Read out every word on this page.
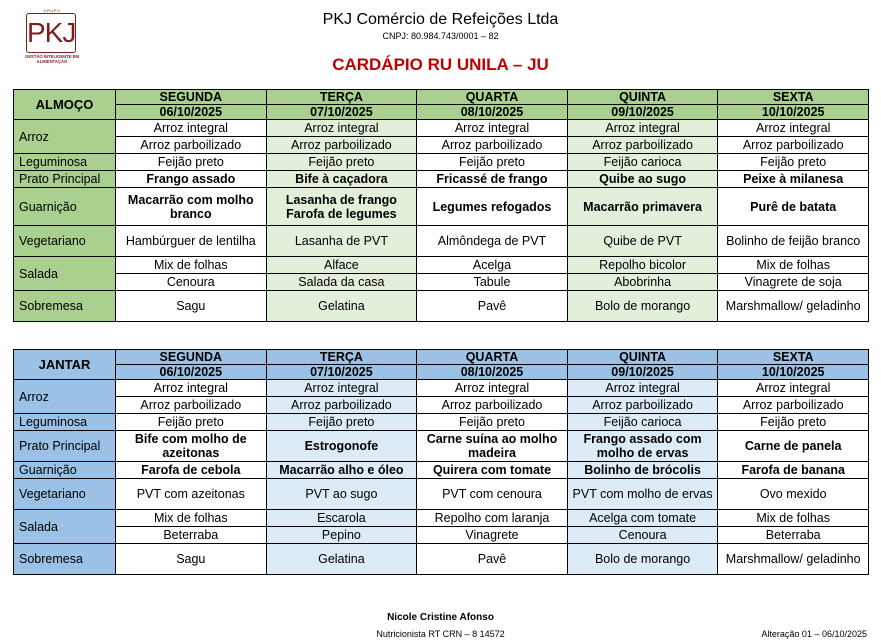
GRUPO
PKJ
GESTÃO INTELIGENTE EM ALIMENTAÇÃO
PKJ Comércio de Refeições Ltda
CNPJ: 80.984.743/0001 – 82
CARDÁPIO RU UNILA – JU
ALMOÇO	SEGUNDA	TERÇA	QUARTA	QUINTA	SEXTA
	06/10/2025	07/10/2025	08/10/2025	09/10/2025	10/10/2025
Arroz	Arroz integral	Arroz integral	Arroz integral	Arroz integral	Arroz integral
	Arroz parboilizado	Arroz parboilizado	Arroz parboilizado	Arroz parboilizado	Arroz parboilizado
Leguminosa	Feijão preto	Feijão preto	Feijão preto	Feijão carioca	Feijão preto
Prato Principal	Frango assado	Bife à caçadora	Fricassé de frango	Quibe ao sugo	Peixe à milanesa
Guarnição	Macarrão com molho branco	Lasanha de frango Farofa de legumes	Legumes refogados	Macarrão primavera	Purê de batata
Vegetariano	Hambúrguer de lentilha	Lasanha de PVT	Almôndega de PVT	Quibe de PVT	Bolinho de feijão branco
Salada	Mix de folhas	Alface	Acelga	Repolho bicolor	Mix de folhas
	Cenoura	Salada da casa	Tabule	Abobrinha	Vinagrete de soja
Sobremesa	Sagu	Gelatina	Pavê	Bolo de morango	Marshmallow/ geladinho
JANTAR	SEGUNDA	TERÇA	QUARTA	QUINTA	SEXTA
	06/10/2025	07/10/2025	08/10/2025	09/10/2025	10/10/2025
Arroz	Arroz integral	Arroz integral	Arroz integral	Arroz integral	Arroz integral
	Arroz parboilizado	Arroz parboilizado	Arroz parboilizado	Arroz parboilizado	Arroz parboilizado
Leguminosa	Feijão preto	Feijão preto	Feijão preto	Feijão carioca	Feijão preto
Prato Principal	Bife com molho de azeitonas	Estrogonofe	Carne suína ao molho madeira	Frango assado com molho de ervas	Carne de panela
Guarnição	Farofa de cebola	Macarrão alho e óleo	Quirera com tomate	Bolinho de brócolis	Farofa de banana
Vegetariano	PVT com azeitonas	PVT ao sugo	PVT com cenoura	PVT com molho de ervas	Ovo mexido
Salada	Mix de folhas	Escarola	Repolho com laranja	Acelga com tomate	Mix de folhas
	Beterraba	Pepino	Vinagrete	Cenoura	Beterraba
Sobremesa	Sagu	Gelatina	Pavê	Bolo de morango	Marshmallow/ geladinho
Nicole Cristine Afonso
Nutricionista RT CRN – 8 14572	Alteração 01 – 06/10/2025
